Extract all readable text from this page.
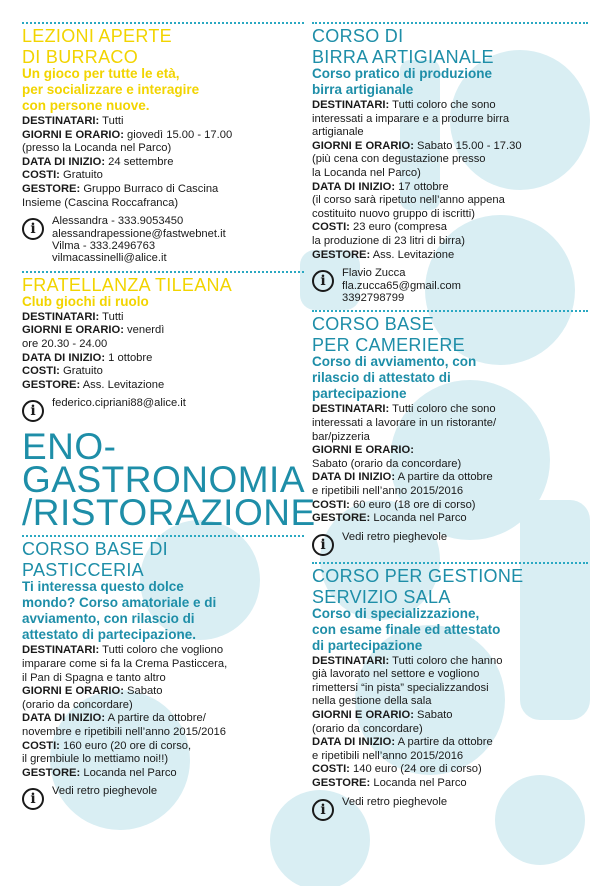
LEZIONI APERTE
DI BURRACO
Un gioco per tutte le età,
per socializzare e interagire
con persone nuove.
DESTINATARI: Tutti
GIORNI E ORARIO: giovedì 15.00 - 17.00
(presso la Locanda nel Parco)
DATA DI INIZIO: 24 settembre
COSTI: Gratuito
GESTORE: Gruppo Burraco di Cascina
Insieme (Cascina Roccafranca)
i	Alessandra - 333.9053450
alessandrapessione@fastwebnet.it
Vilma - 333.2496763
vilmacassinelli@alice.it
FRATELLANZA TILEANA
Club giochi di ruolo
DESTINATARI: Tutti
GIORNI E ORARIO: venerdì
ore 20.30 - 24.00
DATA DI INIZIO: 1 ottobre
COSTI: Gratuito
GESTORE: Ass. Levitazione
i	federico.cipriani88@alice.it
ENO-
GASTRONOMIA
/RISTORAZIONE
CORSO BASE DI
PASTICCERIA
Ti interessa questo dolce
mondo? Corso amatoriale e di
avviamento, con rilascio di
attestato di partecipazione.
DESTINATARI: Tutti coloro che vogliono
imparare come si fa la Crema Pasticcera,
il Pan di Spagna e tanto altro
GIORNI E ORARIO: Sabato
(orario da concordare)
DATA DI INIZIO: A partire da ottobre/
novembre e ripetibili nell’anno 2015/2016
COSTI: 160 euro (20 ore di corso,
il grembiule lo mettiamo noi!!)
GESTORE: Locanda nel Parco
i	Vedi retro pieghevole
CORSO DI
BIRRA ARTIGIANALE
Corso pratico di produzione
birra artigianale
DESTINATARI: Tutti coloro che sono
interessati a imparare e a produrre birra
artigianale
GIORNI E ORARIO: Sabato 15.00 - 17.30
(più cena con degustazione presso
la Locanda nel Parco)
DATA DI INIZIO: 17 ottobre
(il corso sarà ripetuto nell’anno appena
costituito nuovo gruppo di iscritti)
COSTI: 23 euro (compresa
la produzione di 23 litri di birra)
GESTORE: Ass. Levitazione
i	Flavio Zucca
fla.zucca65@gmail.com
3392798799
CORSO BASE
PER CAMERIERE
Corso di avviamento, con
rilascio di attestato di
partecipazione
DESTINATARI: Tutti coloro che sono
interessati a lavorare in un ristorante/
bar/pizzeria
GIORNI E ORARIO:
Sabato (orario da concordare)
DATA DI INIZIO: A partire da ottobre
e ripetibili nell’anno 2015/2016
COSTI: 60 euro (18 ore di corso)
GESTORE: Locanda nel Parco
i	Vedi retro pieghevole
CORSO PER GESTIONE
SERVIZIO SALA
Corso di specializzazione,
con esame finale ed attestato
di partecipazione
DESTINATARI: Tutti coloro che hanno
già lavorato nel settore e vogliono
rimettersi “in pista” specializzandosi
nella gestione della sala
GIORNI E ORARIO: Sabato
(orario da concordare)
DATA DI INIZIO: A partire da ottobre
e ripetibili nell’anno 2015/2016
COSTI: 140 euro (24 ore di corso)
GESTORE: Locanda nel Parco
i	Vedi retro pieghevole
